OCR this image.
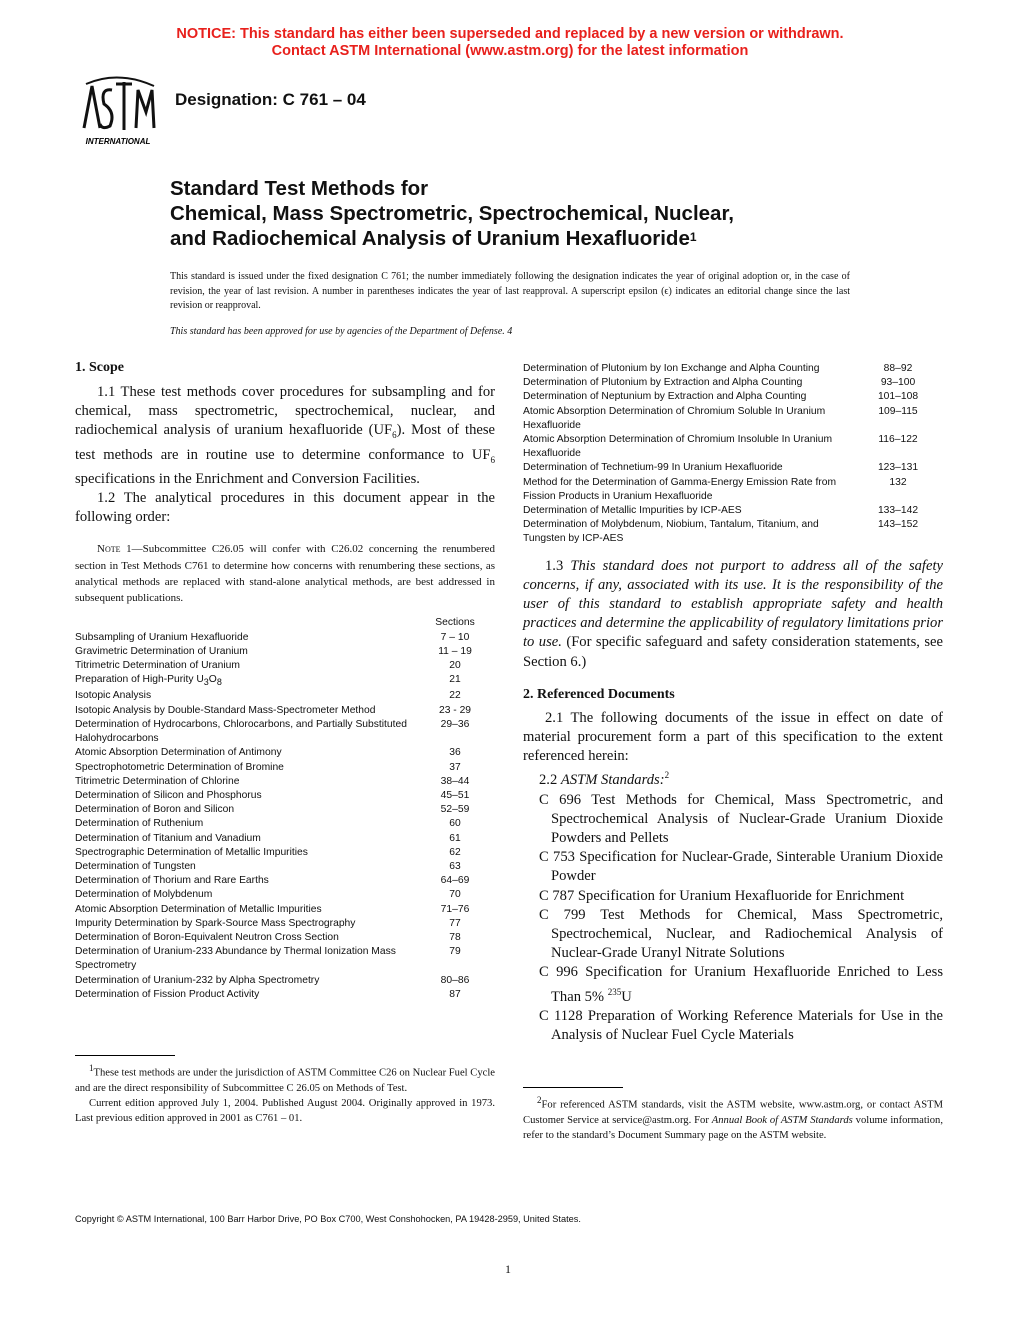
NOTICE: This standard has either been superseded and replaced by a new version or withdrawn.
Contact ASTM International (www.astm.org) for the latest information
INTERNATIONAL
Designation: C 761 – 04
Standard Test Methods for
Chemical, Mass Spectrometric, Spectrochemical, Nuclear,
and Radiochemical Analysis of Uranium Hexafluoride$^1$
This standard is issued under the fixed designation C 761; the number immediately following the designation indicates the year of original adoption or, in the case of revision, the year of last revision. A number in parentheses indicates the year of last reapproval. A superscript epsilon (ϵ) indicates an editorial change since the last revision or reapproval.
This standard has been approved for use by agencies of the Department of Defense. 4
1. Scope

1.1 These test methods cover procedures for subsampling and for chemical, mass spectrometric, spectrochemical, nuclear, and radiochemical analysis of uranium hexafluoride $(UF_6)$. Most of these test methods are in routine use to determine conformance to $UF_6$ specifications in the Enrichment and Conversion Facilities.

1.2 The analytical procedures in this document appear in the following order:

Note 1—Subcommittee C26.05 will confer with C26.02 concerning the renumbered section in Test Methods C761 to determine how concerns with renumbering these sections, as analytical methods are replaced with stand-alone analytical methods, are best addressed in subsequent publications.

Sections
Subsampling of Uranium Hexafluoride	7 – 10
Gravimetric Determination of Uranium	11 – 19
Titrimetric Determination of Uranium	20
Preparation of High-Purity U3O8	21
Isotopic Analysis	22
Isotopic Analysis by Double-Standard Mass-Spectrometer Method	23 - 29
Determination of Hydrocarbons, Chlorocarbons, and Partially Substituted Halohydrocarbons
29–36
Atomic Absorption Determination of Antimony	36
Spectrophotometric Determination of Bromine	37
Titrimetric Determination of Chlorine	38–44
Determination of Silicon and Phosphorus	45–51
Determination of Boron and Silicon	52–59
Determination of Ruthenium	60
Determination of Titanium and Vanadium	61
Spectrographic Determination of Metallic Impurities	62
Determination of Tungsten	63
Determination of Thorium and Rare Earths	64–69
Determination of Molybdenum	70
Atomic Absorption Determination of Metallic Impurities	71–76
Impurity Determination by Spark-Source Mass Spectrography	77
Determination of Boron-Equivalent Neutron Cross Section	78
Determination of Uranium-233 Abundance by Thermal Ionization Mass Spectrometry
79
Determination of Uranium-232 by Alpha Spectrometry	80–86
Determination of Fission Product Activity	87

$^1$These test methods are under the jurisdiction of ASTM Committee C26 on Nuclear Fuel Cycle and are the direct responsibility of Subcommittee C 26.05 on Methods of Test.

Current edition approved July 1, 2004. Published August 2004. Originally approved in 1973. Last previous edition approved in 2001 as C761 – 01.

Determination of Plutonium by Ion Exchange and Alpha Counting	88–92
Determination of Plutonium by Extraction and Alpha Counting	93–100
Determination of Neptunium by Extraction and Alpha Counting	101–108
Atomic Absorption Determination of Chromium Soluble In Uranium Hexafluoride
109–115
Atomic Absorption Determination of Chromium Insoluble In Uranium Hexafluoride
116–122
Determination of Technetium-99 In Uranium Hexafluoride	123–131
Method for the Determination of Gamma-Energy Emission Rate from Fission Products in Uranium Hexafluoride
132
Determination of Metallic Impurities by ICP-AES	133–142
Determination of Molybdenum, Niobium, Tantalum, Titanium, and Tungsten by ICP-AES
143–152

1.3 This standard does not purport to address all of the safety concerns, if any, associated with its use. It is the responsibility of the user of this standard to establish appropriate safety and health practices and determine the applicability of regulatory limitations prior to use. (For specific safeguard and safety consideration statements, see Section 6.)

2. Referenced Documents

2.1 The following documents of the issue in effect on date of material procurement form a part of this specification to the extent referenced herein:

2.2 ASTM Standards:$^2$

C 696 Test Methods for Chemical, Mass Spectrometric, and Spectrochemical Analysis of Nuclear-Grade Uranium Dioxide Powders and Pellets

C 753 Specification for Nuclear-Grade, Sinterable Uranium Dioxide Powder

C 787 Specification for Uranium Hexafluoride for Enrichment

C 799 Test Methods for Chemical, Mass Spectrometric, Spectrochemical, Nuclear, and Radiochemical Analysis of Nuclear-Grade Uranyl Nitrate Solutions

C 996 Specification for Uranium Hexafluoride Enriched to Less Than 5% $^{235}$U

C 1128 Preparation of Working Reference Materials for Use in the Analysis of Nuclear Fuel Cycle Materials

$^2$For referenced ASTM standards, visit the ASTM website, www.astm.org, or contact ASTM Customer Service at service@astm.org. For Annual Book of ASTM Standards volume information, refer to the standard’s Document Summary page on the ASTM website.

Copyright © ASTM International, 100 Barr Harbor Drive, PO Box C700, West Conshohocken, PA 19428-2959, United States.
1
